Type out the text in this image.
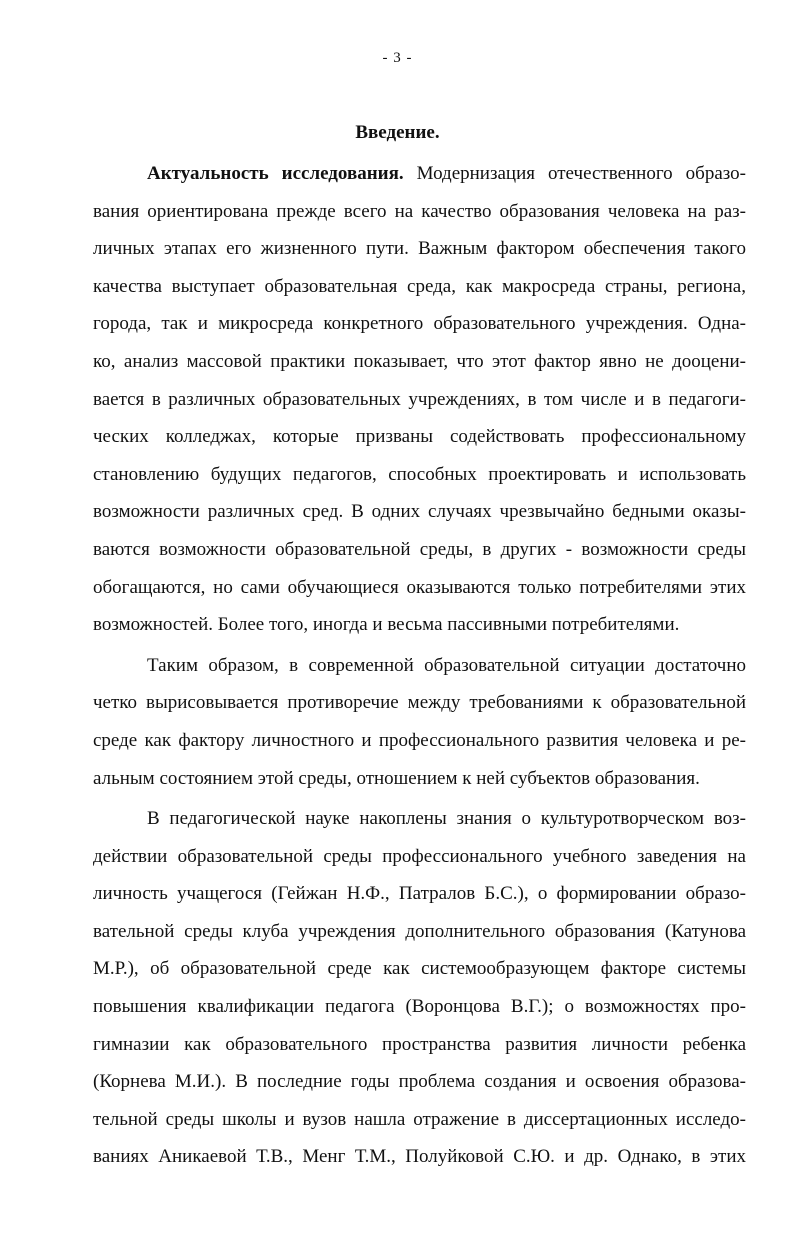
- 3 -
Введение.
Актуальность исследования. Модернизация отечественного образо-
вания ориентирована прежде всего на качество образования человека на раз-
личных этапах его жизненного пути. Важным фактором обеспечения такого
качества выступает образовательная среда, как макросреда страны, региона,
города, так и микросреда конкретного образовательного учреждения. Одна-
ко, анализ массовой практики показывает, что этот фактор явно не дооцени-
вается в различных образовательных учреждениях, в том числе и в педагоги-
ческих колледжах, которые призваны содействовать профессиональному
становлению будущих педагогов, способных проектировать и использовать
возможности различных сред. В одних случаях чрезвычайно бедными оказы-
ваются возможности образовательной среды, в других - возможности среды
обогащаются, но сами обучающиеся оказываются только потребителями этих
возможностей. Более того, иногда и весьма пассивными потребителями.
Таким образом, в современной образовательной ситуации достаточно
четко вырисовывается противоречие между требованиями к образовательной
среде как фактору личностного и профессионального развития человека и ре-
альным состоянием этой среды, отношением к ней субъектов образования.
В педагогической науке накоплены знания о культуротворческом воз-
действии образовательной среды профессионального учебного заведения на
личность учащегося (Гейжан Н.Ф., Патралов Б.С.), о формировании образо-
вательной среды клуба учреждения дополнительного образования (Катунова
М.Р.), об образовательной среде как системообразующем факторе системы
повышения квалификации педагога (Воронцова В.Г.); о возможностях про-
гимназии как образовательного пространства развития личности ребенка
(Корнева М.И.). В последние годы проблема создания и освоения образова-
тельной среды школы и вузов нашла отражение в диссертационных исследо-
ваниях Аникаевой Т.В., Менг Т.М., Полуйковой С.Ю. и др. Однако, в этих
